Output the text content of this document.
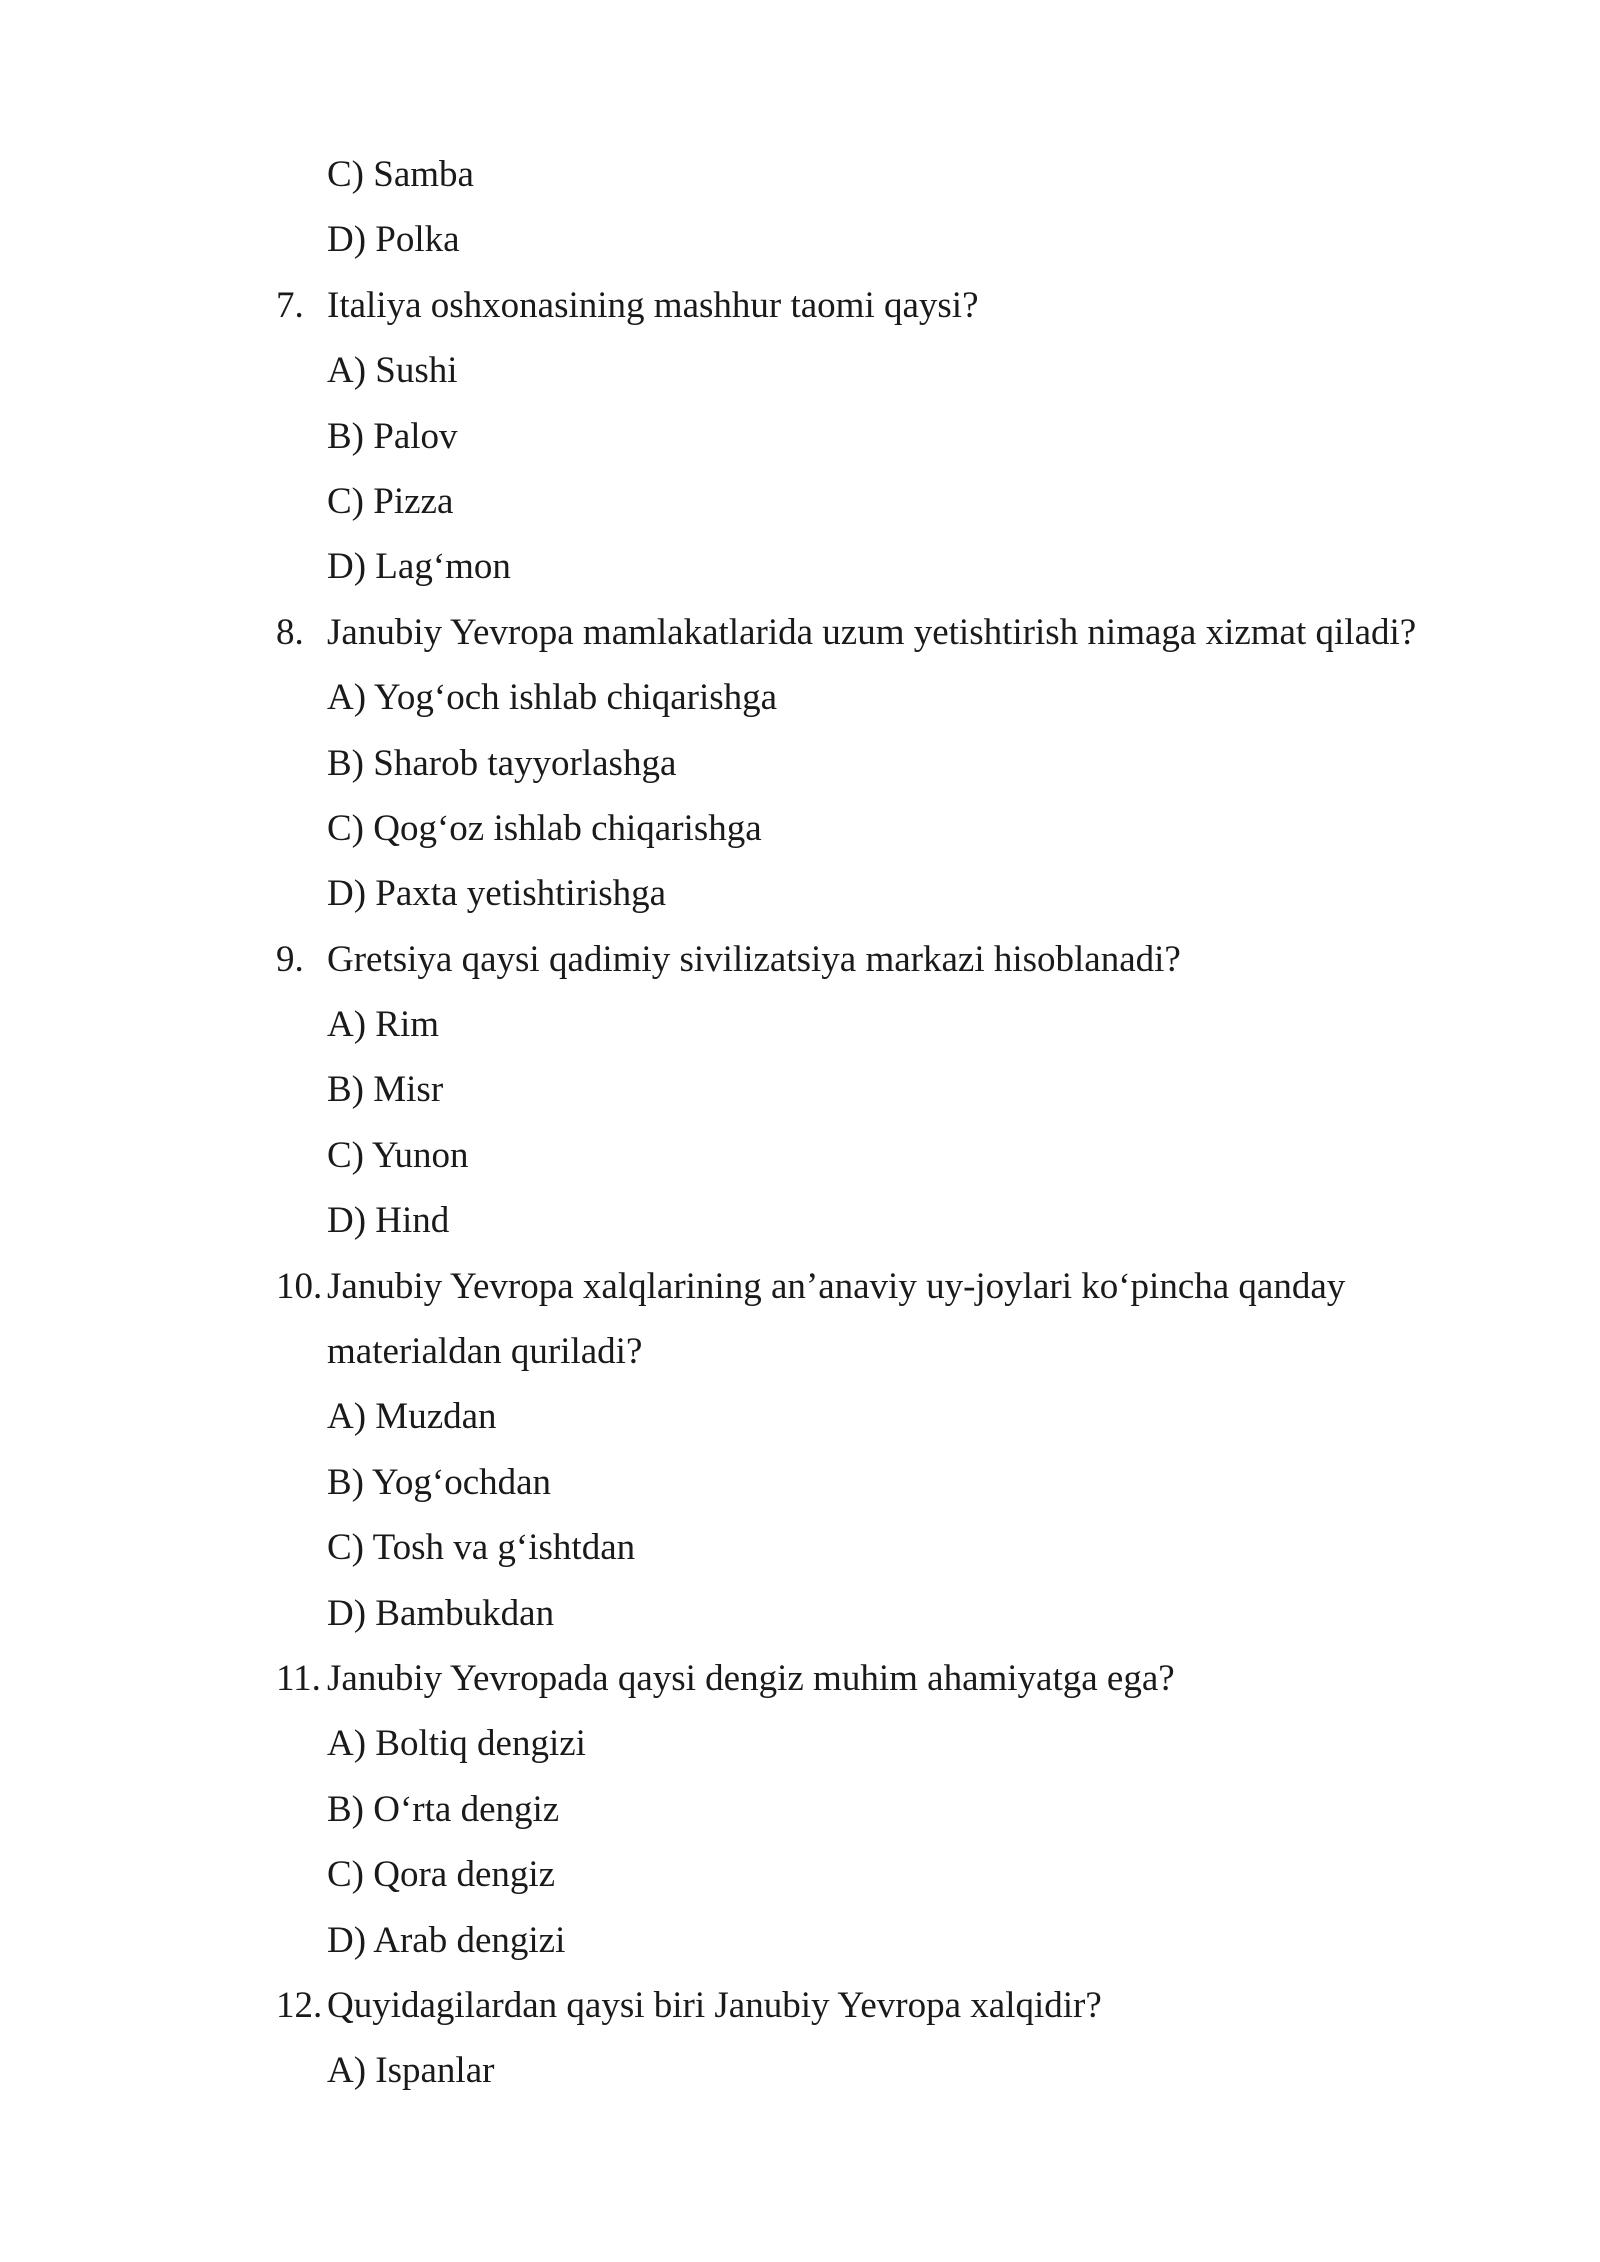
C) Samba
D) Polka
7. Italiya oshxonasining mashhur taomi qaysi?
A) Sushi
B) Palov
C) Pizza
D) Lag‘mon
8. Janubiy Yevropa mamlakatlarida uzum yetishtirish nimaga xizmat qiladi?
A) Yog‘och ishlab chiqarishga
B) Sharob tayyorlashga
C) Qog‘oz ishlab chiqarishga
D) Paxta yetishtirishga
9. Gretsiya qaysi qadimiy sivilizatsiya markazi hisoblanadi?
A) Rim
B) Misr
C) Yunon
D) Hind
10. Janubiy Yevropa xalqlarining an’anaviy uy-joylari ko‘pincha qanday
materialdan quriladi?
A) Muzdan
B) Yog‘ochdan
C) Tosh va g‘ishtdan
D) Bambukdan
11. Janubiy Yevropada qaysi dengiz muhim ahamiyatga ega?
A) Boltiq dengizi
B) O‘rta dengiz
C) Qora dengiz
D) Arab dengizi
12. Quyidagilardan qaysi biri Janubiy Yevropa xalqidir?
A) Ispanlar
